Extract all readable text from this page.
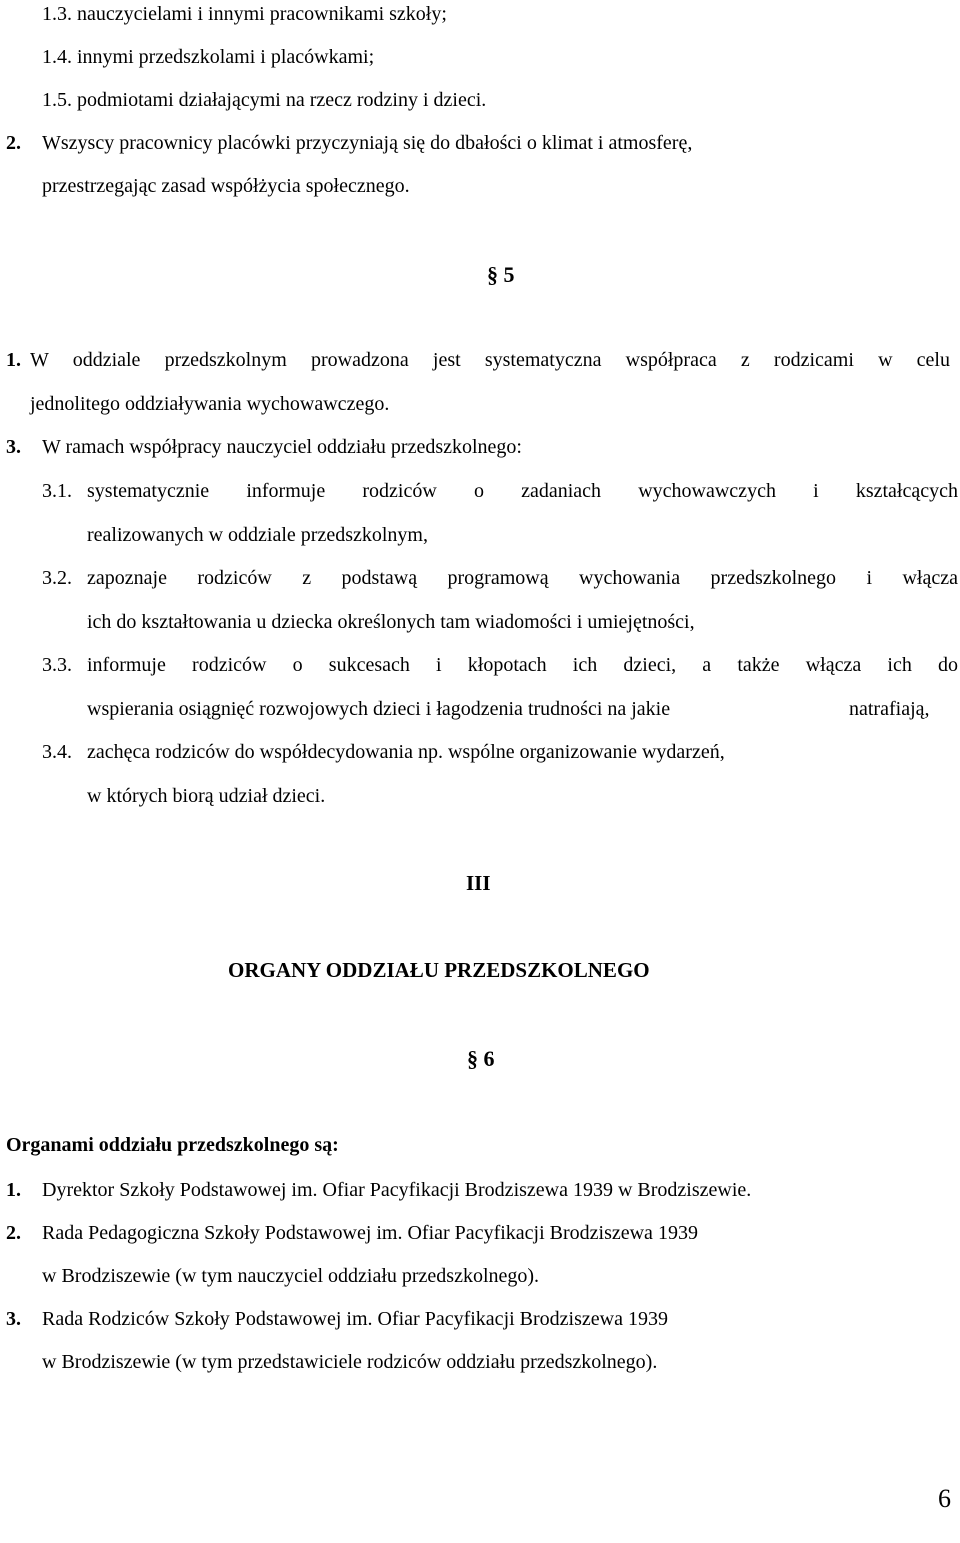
1.3. nauczycielami i innymi pracownikami szkoły;
1.4. innymi przedszkolami i placówkami;
1.5. podmiotami działającymi na rzecz rodziny i dzieci.
2. Wszyscy pracownicy placówki przyczyniają się do dbałości o klimat i atmosferę,
przestrzegając zasad współżycia społecznego.
§ 5
1. W oddziale przedszkolnym prowadzona jest systematyczna współpraca z rodzicami w celu
jednolitego oddziaływania wychowawczego.
3. W ramach współpracy nauczyciel oddziału przedszkolnego:
3.1. systematycznie informuje rodziców o zadaniach wychowawczych i kształcących
realizowanych w oddziale przedszkolnym,
3.2. zapoznaje rodziców z podstawą programową wychowania przedszkolnego i włącza
ich do kształtowania u dziecka określonych tam wiadomości i umiejętności,
3.3. informuje rodziców o sukcesach i kłopotach ich dzieci, a także włącza ich do
wspierania osiągnięć rozwojowych dzieci i łagodzenia trudności na jakie	natrafiają,
3.4. zachęca rodziców do współdecydowania np. wspólne organizowanie wydarzeń,
w których biorą udział dzieci.
III
ORGANY ODDZIAŁU PRZEDSZKOLNEGO
§ 6
Organami oddziału przedszkolnego są:
1. Dyrektor Szkoły Podstawowej im. Ofiar Pacyfikacji Brodziszewa 1939 w Brodziszewie.
2. Rada Pedagogiczna Szkoły Podstawowej im. Ofiar Pacyfikacji Brodziszewa 1939
w Brodziszewie (w tym nauczyciel oddziału przedszkolnego).
3. Rada Rodziców Szkoły Podstawowej im. Ofiar Pacyfikacji Brodziszewa 1939
w Brodziszewie (w tym przedstawiciele rodziców oddziału przedszkolnego).
6
